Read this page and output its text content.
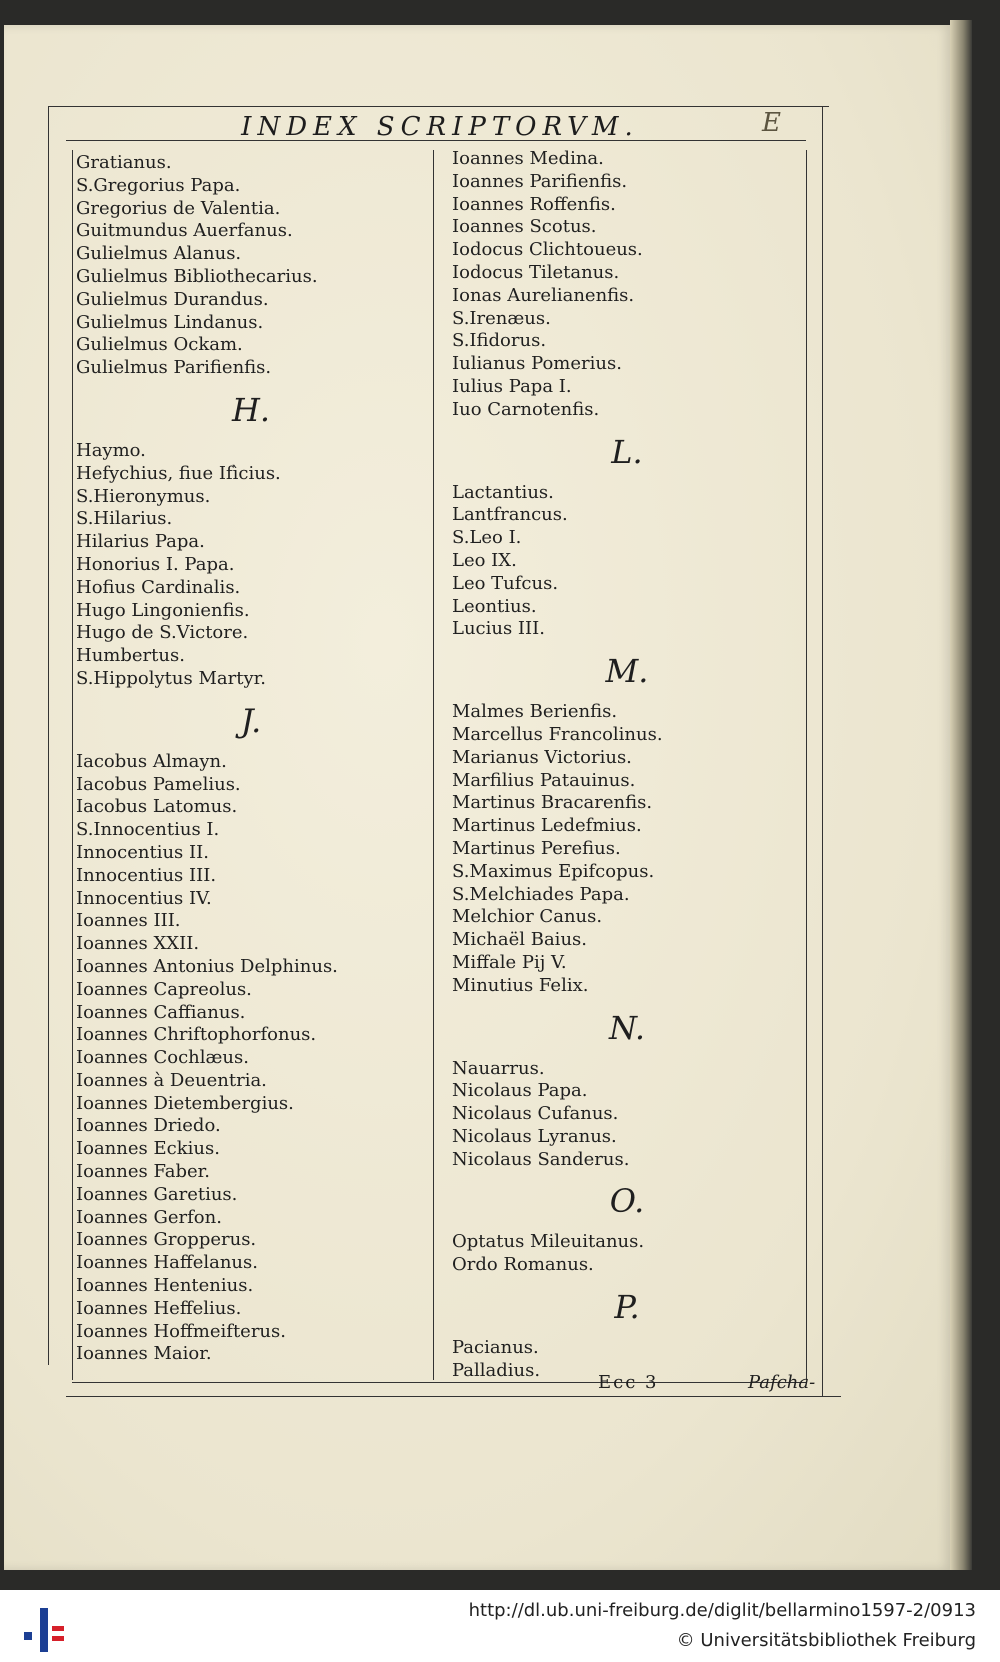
INDEX SCRIPTORVM.	E
Gratianus.
S.Gregorius Papa.
Gregorius de Valentia.
Guitmundus Auerfanus.
Gulielmus Alanus.
Gulielmus Bibliothecarius.
Gulielmus Durandus.
Gulielmus Lindanus.
Gulielmus Ockam.
Gulielmus Parifienfis.
H.
Haymo.
Hefychius, fiue Ifìcius.
S.Hieronymus.
S.Hilarius.
Hilarius Papa.
Honorius I. Papa.
Hofius Cardinalis.
Hugo Lingonienfis.
Hugo de S.Victore.
Humbertus.
S.Hippolytus Martyr.
J.
Iacobus Almayn.
Iacobus Pamelius.
Iacobus Latomus.
S.Innocentius I.
Innocentius II.
Innocentius III.
Innocentius IV.
Ioannes III.
Ioannes XXII.
Ioannes Antonius Delphinus.
Ioannes Capreolus.
Ioannes Caffianus.
Ioannes Chriftophorfonus.
Ioannes Cochlæus.
Ioannes à Deuentria.
Ioannes Dietembergius.
Ioannes Driedo.
Ioannes Eckius.
Ioannes Faber.
Ioannes Garetius.
Ioannes Gerfon.
Ioannes Gropperus.
Ioannes Haffelanus.
Ioannes Hentenius.
Ioannes Heffelius.
Ioannes Hoffmeifterus.
Ioannes Maior.
Ioannes Medina.
Ioannes Parifienfis.
Ioannes Roffenfis.
Ioannes Scotus.
Iodocus Clichtoueus.
Iodocus Tiletanus.
Ionas Aurelianenfis.
S.Irenæus.
S.Ifidorus.
Iulianus Pomerius.
Iulius Papa I.
Iuo Carnotenfis.
L.
Lactantius.
Lantfrancus.
S.Leo I.
Leo IX.
Leo Tufcus.
Leontius.
Lucius III.
M.
Malmes Berienfis.
Marcellus Francolinus.
Marianus Victorius.
Marfilius Patauinus.
Martinus Bracarenfis.
Martinus Ledefmius.
Martinus Perefius.
S.Maximus Epifcopus.
S.Melchiades Papa.
Melchior Canus.
Michaël Baius.
Miffale Pij V.
Minutius Felix.
N.
Nauarrus.
Nicolaus Papa.
Nicolaus Cufanus.
Nicolaus Lyranus.
Nicolaus Sanderus.
O.
Optatus Mileuitanus.
Ordo Romanus.
P.
Pacianus.
Palladius.
Ecc 3	Pafcha-
http://dl.ub.uni-freiburg.de/diglit/bellarmino1597-2/0913
© Universitätsbibliothek Freiburg
